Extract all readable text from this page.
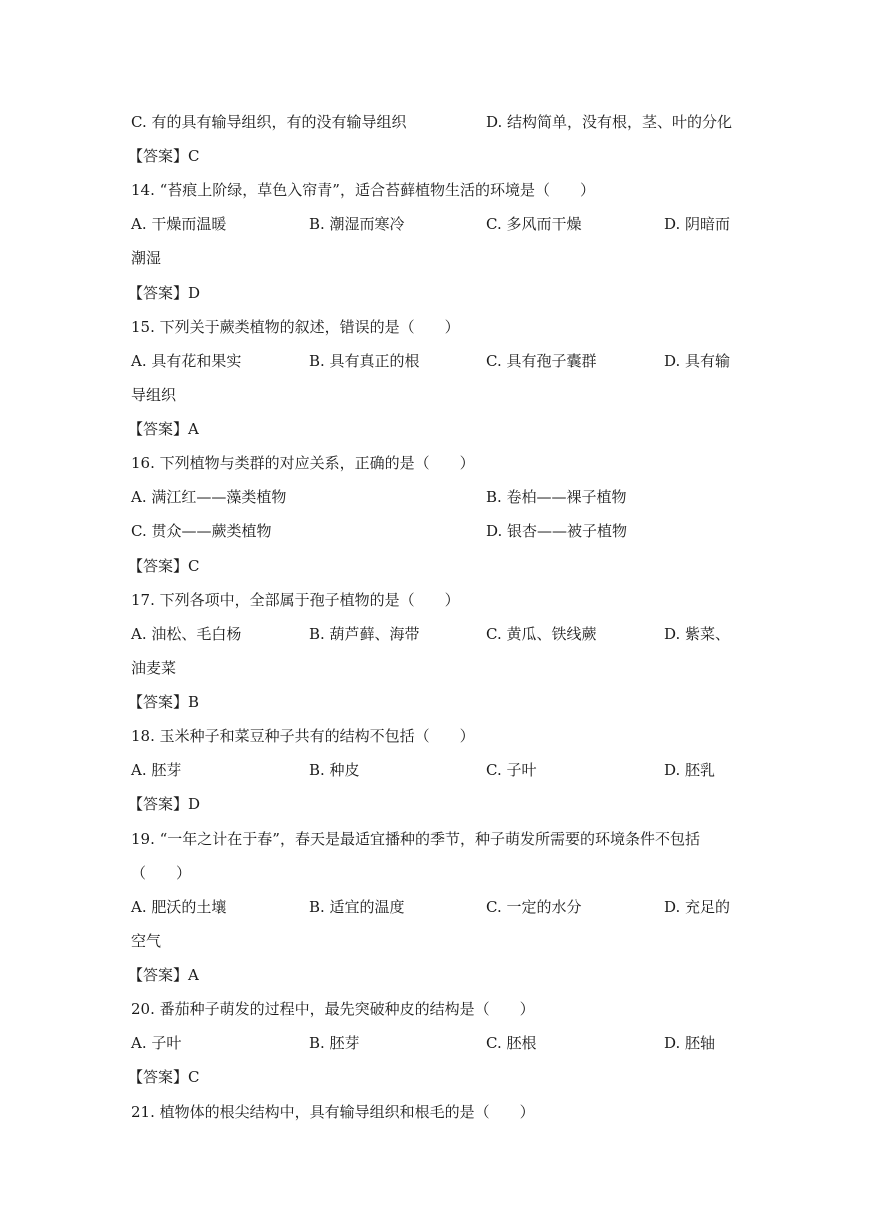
C. 有的具有输导组织，有的没有输导组织	D. 结构简单，没有根，茎、叶的分化
【答案】C
14. “苔痕上阶绿，草色入帘青”，适合苔藓植物生活的环境是（　　）
A. 干燥而温暖	B. 潮湿而寒冷	C. 多风而干燥	D. 阴暗而
潮湿
【答案】D
15. 下列关于蕨类植物的叙述，错误的是（　　）
A. 具有花和果实	B. 具有真正的根	C. 具有孢子囊群	D. 具有输
导组织
【答案】A
16. 下列植物与类群的对应关系，正确的是（　　）
A. 满江红——藻类植物	B. 卷柏——裸子植物
C. 贯众——蕨类植物	D. 银杏——被子植物
【答案】C
17. 下列各项中，全部属于孢子植物的是（　　）
A. 油松、毛白杨	B. 葫芦藓、海带	C. 黄瓜、铁线蕨	D. 紫菜、
油麦菜
【答案】B
18. 玉米种子和菜豆种子共有的结构不包括（　　）
A. 胚芽	B. 种皮	C. 子叶	D. 胚乳
【答案】D
19. “一年之计在于春”，春天是最适宜播种的季节，种子萌发所需要的环境条件不包括
（　　）
A. 肥沃的土壤	B. 适宜的温度	C. 一定的水分	D. 充足的
空气
【答案】A
20. 番茄种子萌发的过程中，最先突破种皮的结构是（　　）
A. 子叶	B. 胚芽	C. 胚根	D. 胚轴
【答案】C
21. 植物体的根尖结构中，具有输导组织和根毛的是（　　）
